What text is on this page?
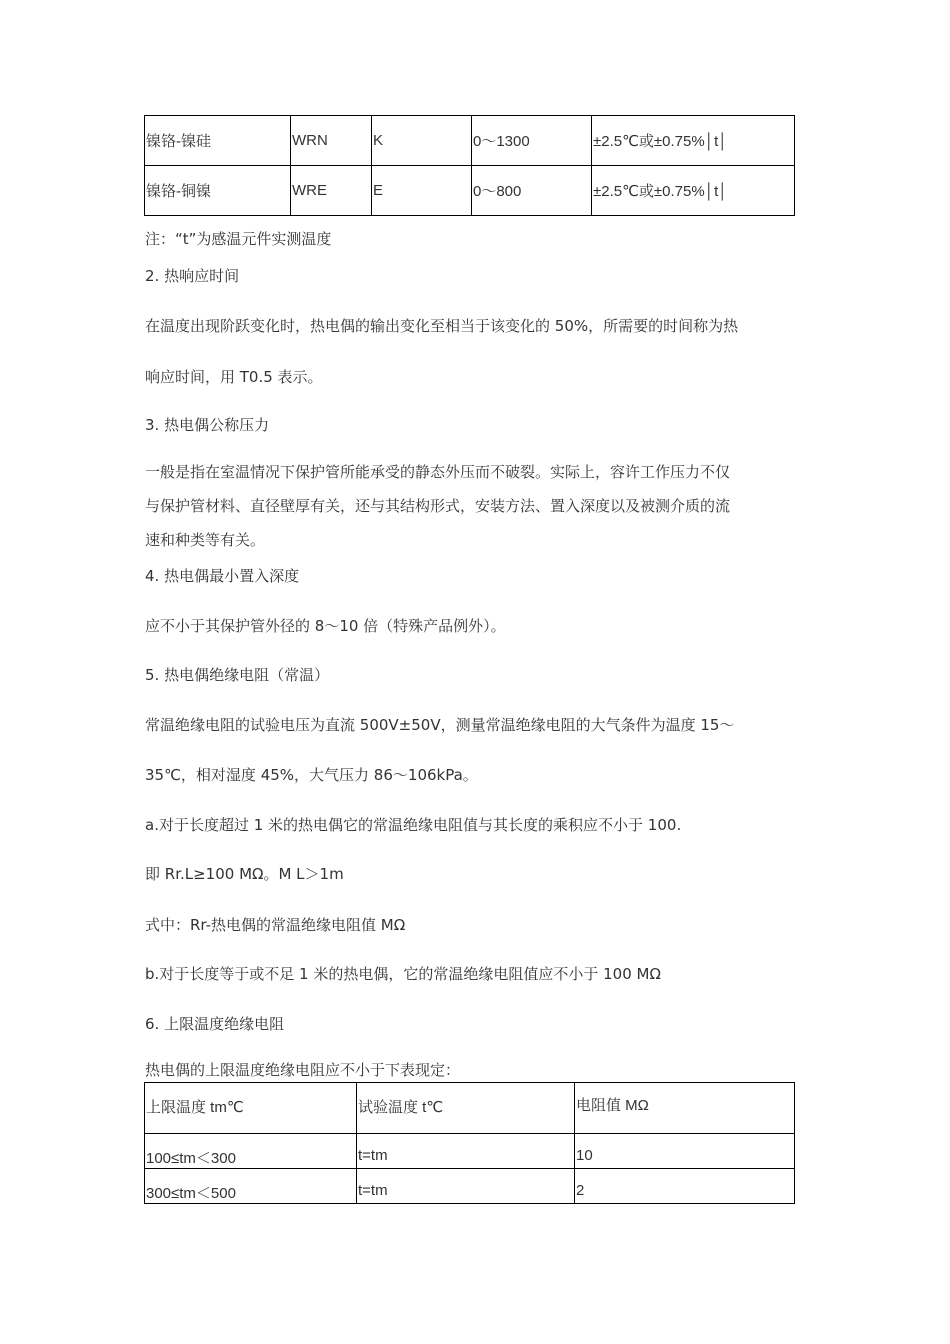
镍铬-镍硅	WRN	K	0～1300	±2.5℃或±0.75%│t│
镍铬-铜镍	WRE	E	0～800	±2.5℃或±0.75%│t│
注：“t”为感温元件实测温度
2. 热响应时间
在温度出现阶跃变化时，热电偶的输出变化至相当于该变化的 50%，所需要的时间称为热
响应时间，用 T0.5 表示。
3. 热电偶公称压力
一般是指在室温情况下保护管所能承受的静态外压而不破裂。实际上，容许工作压力不仅
与保护管材料、直径壁厚有关，还与其结构形式，安装方法、置入深度以及被测介质的流
速和种类等有关。
4. 热电偶最小置入深度
应不小于其保护管外径的 8～10 倍（特殊产品例外）。
5. 热电偶绝缘电阻（常温）
常温绝缘电阻的试验电压为直流 500V±50V，测量常温绝缘电阻的大气条件为温度 15～
35℃，相对湿度 45%，大气压力 86～106kPa。
a.对于长度超过 1 米的热电偶它的常温绝缘电阻值与其长度的乘积应不小于 100.
即 Rr.L≥100 MΩ。M L＞1m
式中：Rr-热电偶的常温绝缘电阻值 MΩ
b.对于长度等于或不足 1 米的热电偶，它的常温绝缘电阻值应不小于 100 MΩ
6. 上限温度绝缘电阻
热电偶的上限温度绝缘电阻应不小于下表现定：
上限温度 tm℃	试验温度 t℃	电阻值 MΩ
100≤tm＜300	t=tm	10
300≤tm＜500	t=tm	2
